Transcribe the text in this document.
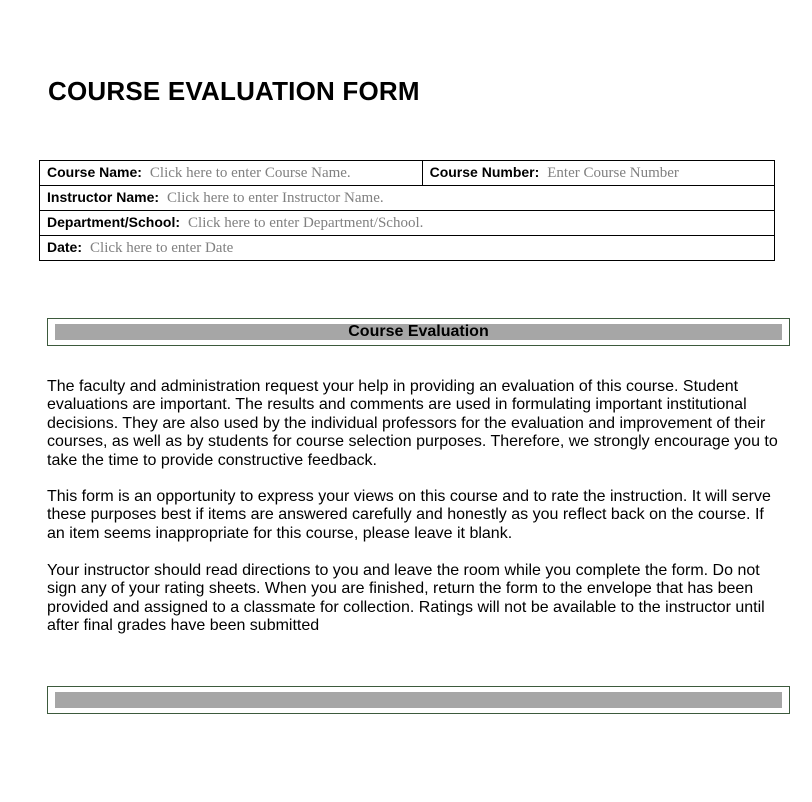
COURSE EVALUATION FORM
Course Name: Click here to enter Course Name.	Course Number: Enter Course Number
Instructor Name: Click here to enter Instructor Name.
Department/School: Click here to enter Department/School.
Date: Click here to enter Date
Course Evaluation

The faculty and administration request your help in providing an evaluation of this course. Student evaluations are important. The results and comments are used in formulating important institutional decisions. They are also used by the individual professors for the evaluation and improvement of their courses, as well as by students for course selection purposes. Therefore, we strongly encourage you to take the time to provide constructive feedback.

This form is an opportunity to express your views on this course and to rate the instruction. It will serve these purposes best if items are answered carefully and honestly as you reflect back on the course. If an item seems inappropriate for this course, please leave it blank.

Your instructor should read directions to you and leave the room while you complete the form. Do not sign any of your rating sheets. When you are finished, return the form to the envelope that has been provided and assigned to a classmate for collection. Ratings will not be available to the instructor until after final grades have been submitted
